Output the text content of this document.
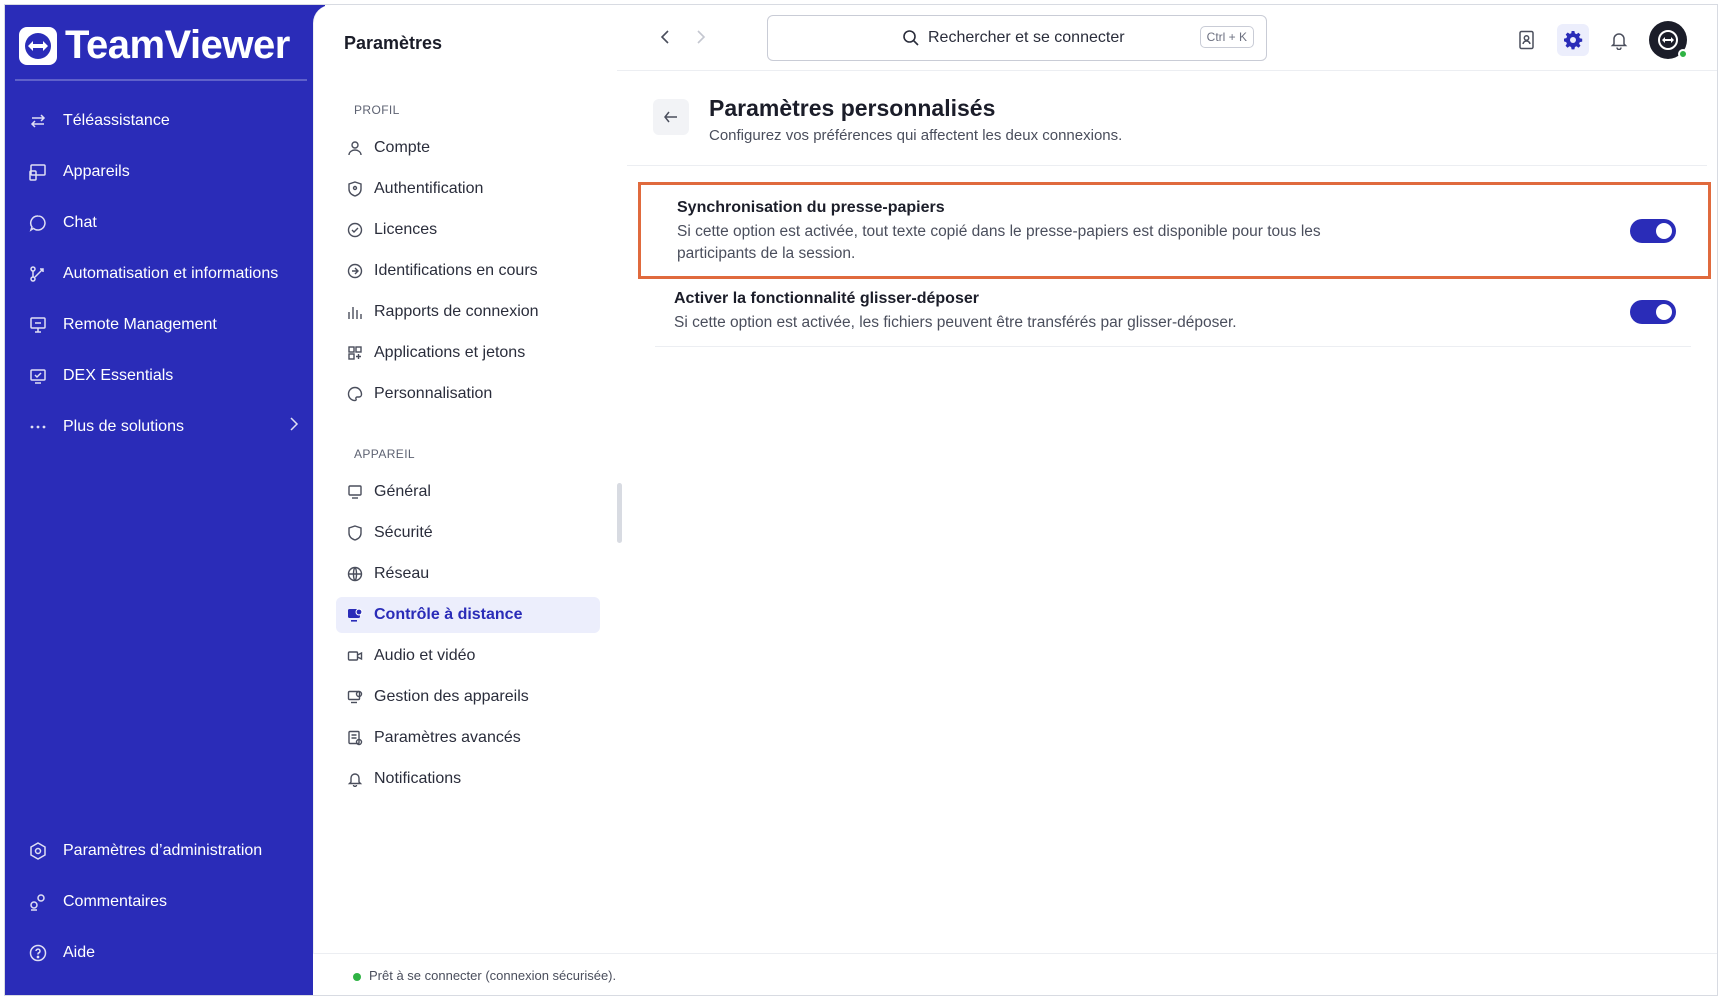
TeamViewer
Téléassistance
Appareils
Chat
Automatisation et informations
Remote Management
DEX Essentials
Plus de solutions
Paramètres d’administration
Commentaires
Aide
Paramètres
PROFIL
Compte
Authentification
Licences
Identifications en cours
Rapports de connexion
Applications et jetons
Personnalisation
APPAREIL
Général
Sécurité
Réseau
Contrôle à distance
Audio et vidéo
Gestion des appareils
Paramètres avancés
Notifications
Rechercher et se connecter	Ctrl + K
Paramètres personnalisés
Configurez vos préférences qui affectent les deux connexions.
Synchronisation du presse-papiers
Si cette option est activée, tout texte copié dans le presse-papiers est disponible pour tous les participants de la session.
Activer la fonctionnalité glisser-déposer
Si cette option est activée, les fichiers peuvent être transférés par glisser-déposer.
Prêt à se connecter (connexion sécurisée).
